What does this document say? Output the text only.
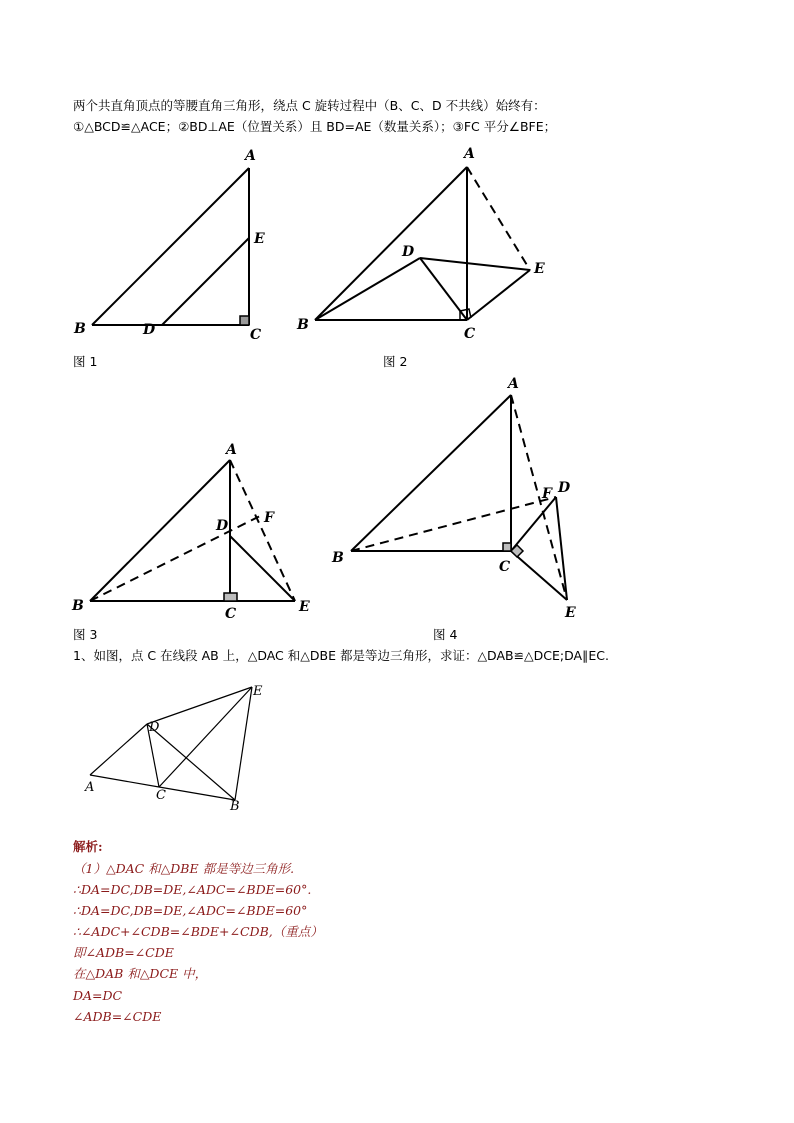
两个共直角顶点的等腰直角三角形，绕点 C 旋转过程中（B、C、D 不共线）始终有：
①△BCD≌△ACE；②BD⊥AE（位置关系）且 BD=AE（数量关系）；③FC 平分∠BFE；
A
E
B	D	C
图 1
A
D
E
B
C
图 2
A
D	F
B	C	E
图 3
A
D
F
B
C
E
图 4
D
E
A
C
B
1、如图，点 C 在线段 AB 上，△DAC 和△DBE 都是等边三角形，求证：△DAB≌△DCE;DA∥EC.
解析:
（1）△DAC 和△DBE 都是等边三角形.
∴DA=DC,DB=DE,∠ADC=∠BDE=60°.
∴DA=DC,DB=DE,∠ADC=∠BDE=60°
∴∠ADC+∠CDB=∠BDE+∠CDB,（重点）
即∠ADB=∠CDE
在△DAB 和△DCE 中，
DA=DC
∠ADB=∠CDE
